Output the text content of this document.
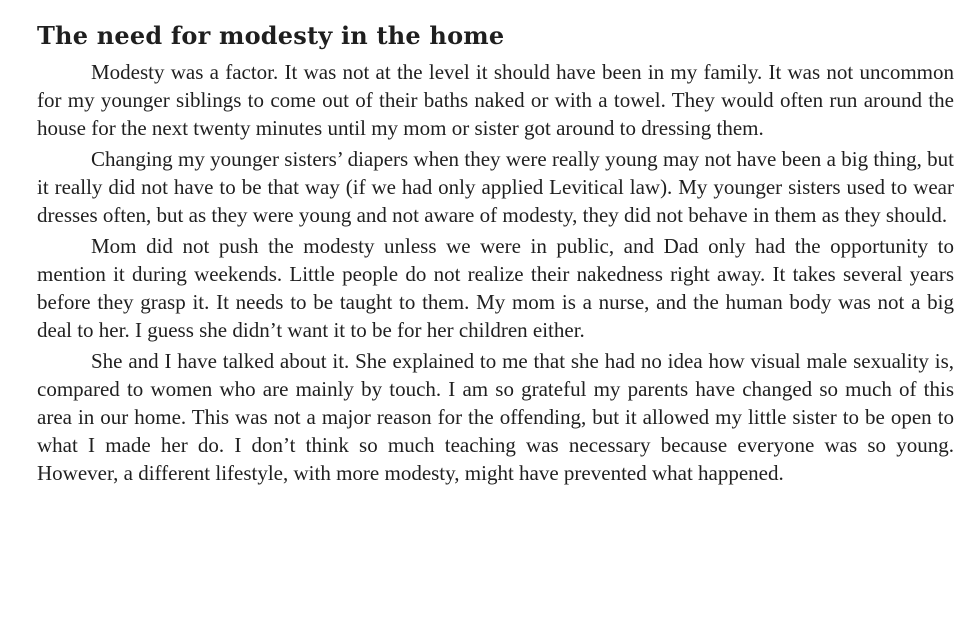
The need for modesty in the home

Modesty was a factor. It was not at the level it should have been in my family. It was not uncommon for my younger siblings to come out of their baths naked or with a towel. They would often run around the house for the next twenty minutes until my mom or sister got around to dressing them.

Changing my younger sisters’ diapers when they were really young may not have been a big thing, but it really did not have to be that way (if we had only applied Levitical law). My younger sisters used to wear dresses often, but as they were young and not aware of modesty, they did not behave in them as they should.

Mom did not push the modesty unless we were in public, and Dad only had the opportunity to mention it during weekends. Little people do not realize their nakedness right away. It takes several years before they grasp it. It needs to be taught to them. My mom is a nurse, and the human body was not a big deal to her. I guess she didn’t want it to be for her children either.

She and I have talked about it. She explained to me that she had no idea how visual male sexuality is, compared to women who are mainly by touch. I am so grateful my parents have changed so much of this area in our home. This was not a major reason for the offending, but it allowed my little sister to be open to what I made her do. I don’t think so much teaching was necessary because everyone was so young. However, a different lifestyle, with more modesty, might have prevented what happened.
